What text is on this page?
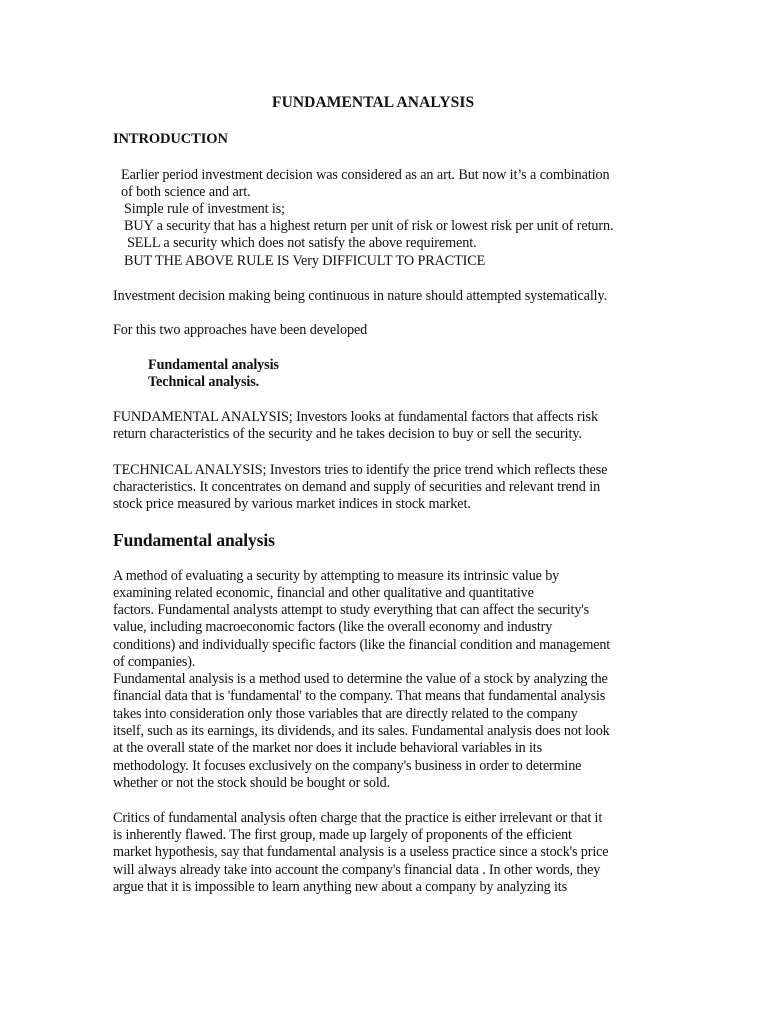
FUNDAMENTAL ANALYSIS
INTRODUCTION
Earlier period investment decision was considered as an art. But now it’s a combination
of both science and art.
Simple rule of investment is;
BUY a security that has a highest return per unit of risk or lowest risk per unit of return.
SELL a security which does not satisfy the above requirement.
BUT THE ABOVE RULE IS Very DIFFICULT TO PRACTICE
Investment decision making being continuous in nature should attempted systematically.
For this two approaches have been developed
Fundamental analysis
Technical analysis.
FUNDAMENTAL ANALYSIS; Investors looks at fundamental factors that affects risk
return characteristics of the security and he takes decision to buy or sell the security.
TECHNICAL ANALYSIS; Investors tries to identify the price trend which reflects these
characteristics. It concentrates on demand and supply of securities and relevant trend in
stock price measured by various market indices in stock market.
Fundamental analysis
A method of evaluating a security by attempting to measure its intrinsic value by
examining related economic, financial and other qualitative and quantitative
factors. Fundamental analysts attempt to study everything that can affect the security's
value, including macroeconomic factors (like the overall economy and industry
conditions) and individually specific factors (like the financial condition and management
of companies).
Fundamental analysis is a method used to determine the value of a stock by analyzing the
financial data that is 'fundamental' to the company. That means that fundamental analysis
takes into consideration only those variables that are directly related to the company
itself, such as its earnings, its dividends, and its sales. Fundamental analysis does not look
at the overall state of the market nor does it include behavioral variables in its
methodology. It focuses exclusively on the company's business in order to determine
whether or not the stock should be bought or sold.
Critics of fundamental analysis often charge that the practice is either irrelevant or that it
is inherently flawed. The first group, made up largely of proponents of the efficient
market hypothesis, say that fundamental analysis is a useless practice since a stock's price
will always already take into account the company's financial data . In other words, they
argue that it is impossible to learn anything new about a company by analyzing its
